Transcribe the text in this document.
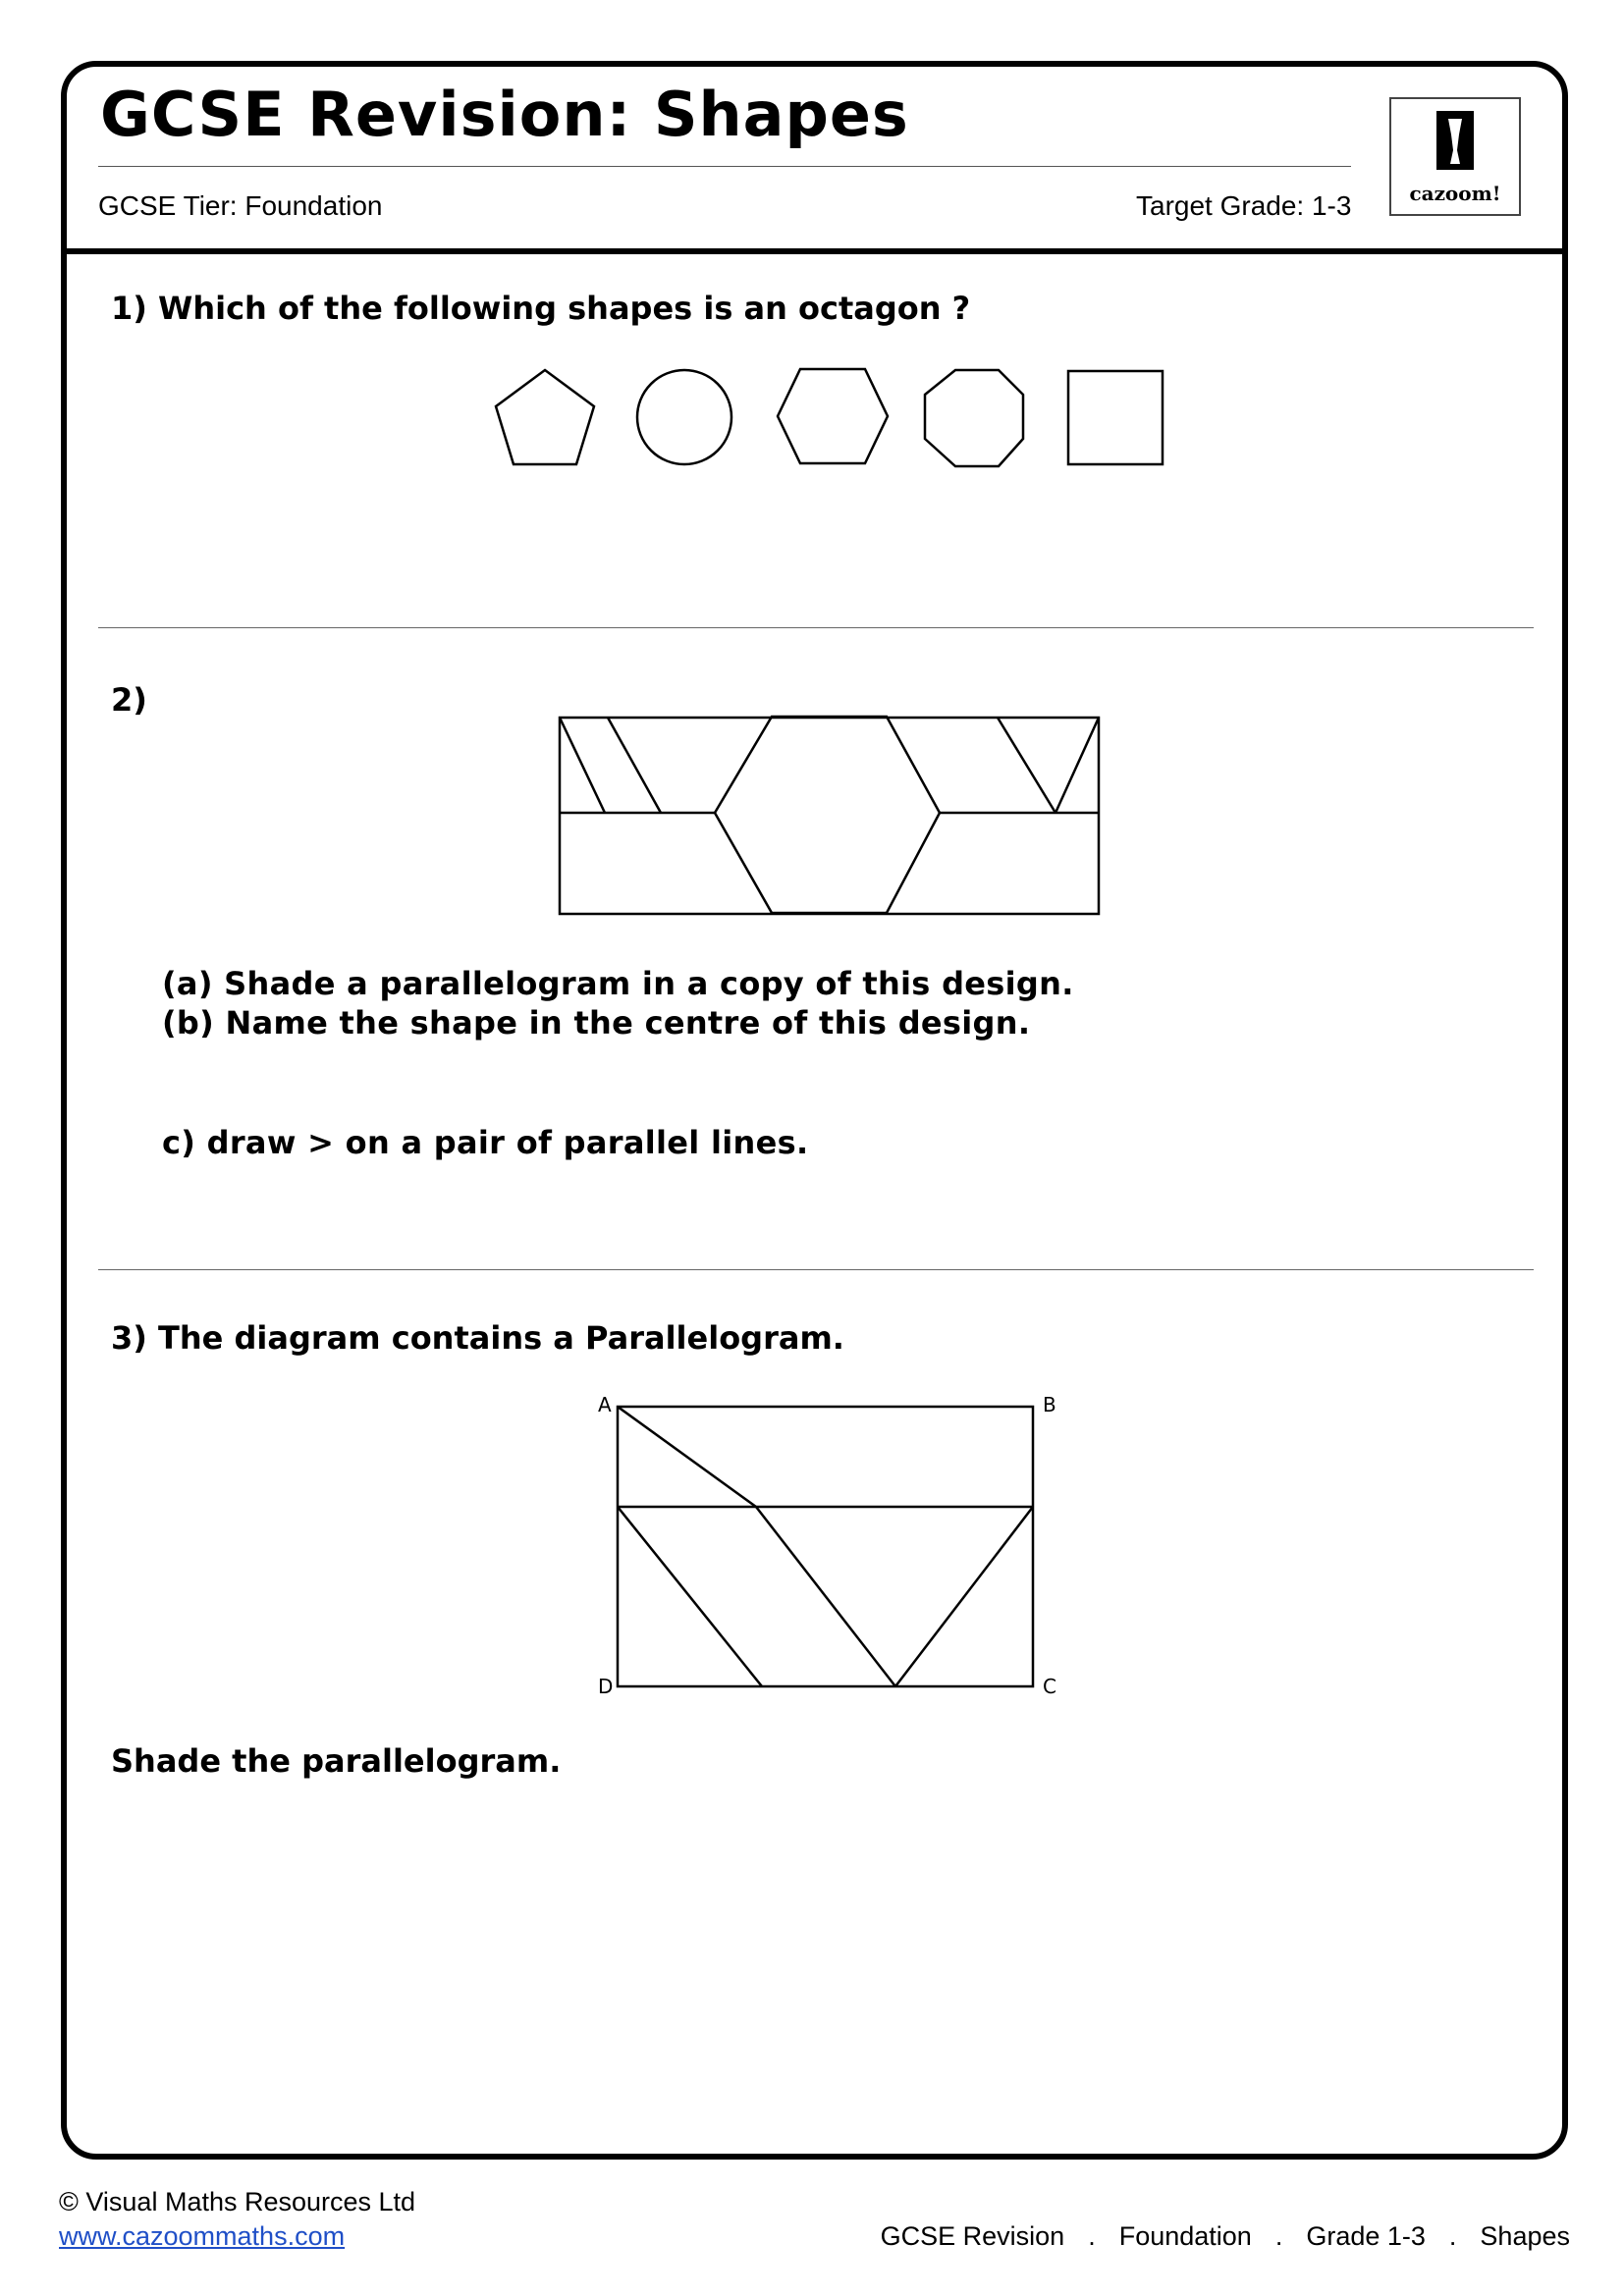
GCSE Revision: Shapes
GCSE Tier: Foundation	Target Grade: 1-3	cazoom!
1) Which of the following shapes is an octagon ?
2)
(a) Shade a parallelogram in a copy of this design.
(b) Name the shape in the centre of this design.
c) draw > on a pair of parallel lines.
3) The diagram contains a Parallelogram.
A	B
C
D
Shade the parallelogram.
© Visual Maths Resources Ltd
www.cazoommaths.com	GCSE Revision . Foundation . Grade 1-3 . Shapes
